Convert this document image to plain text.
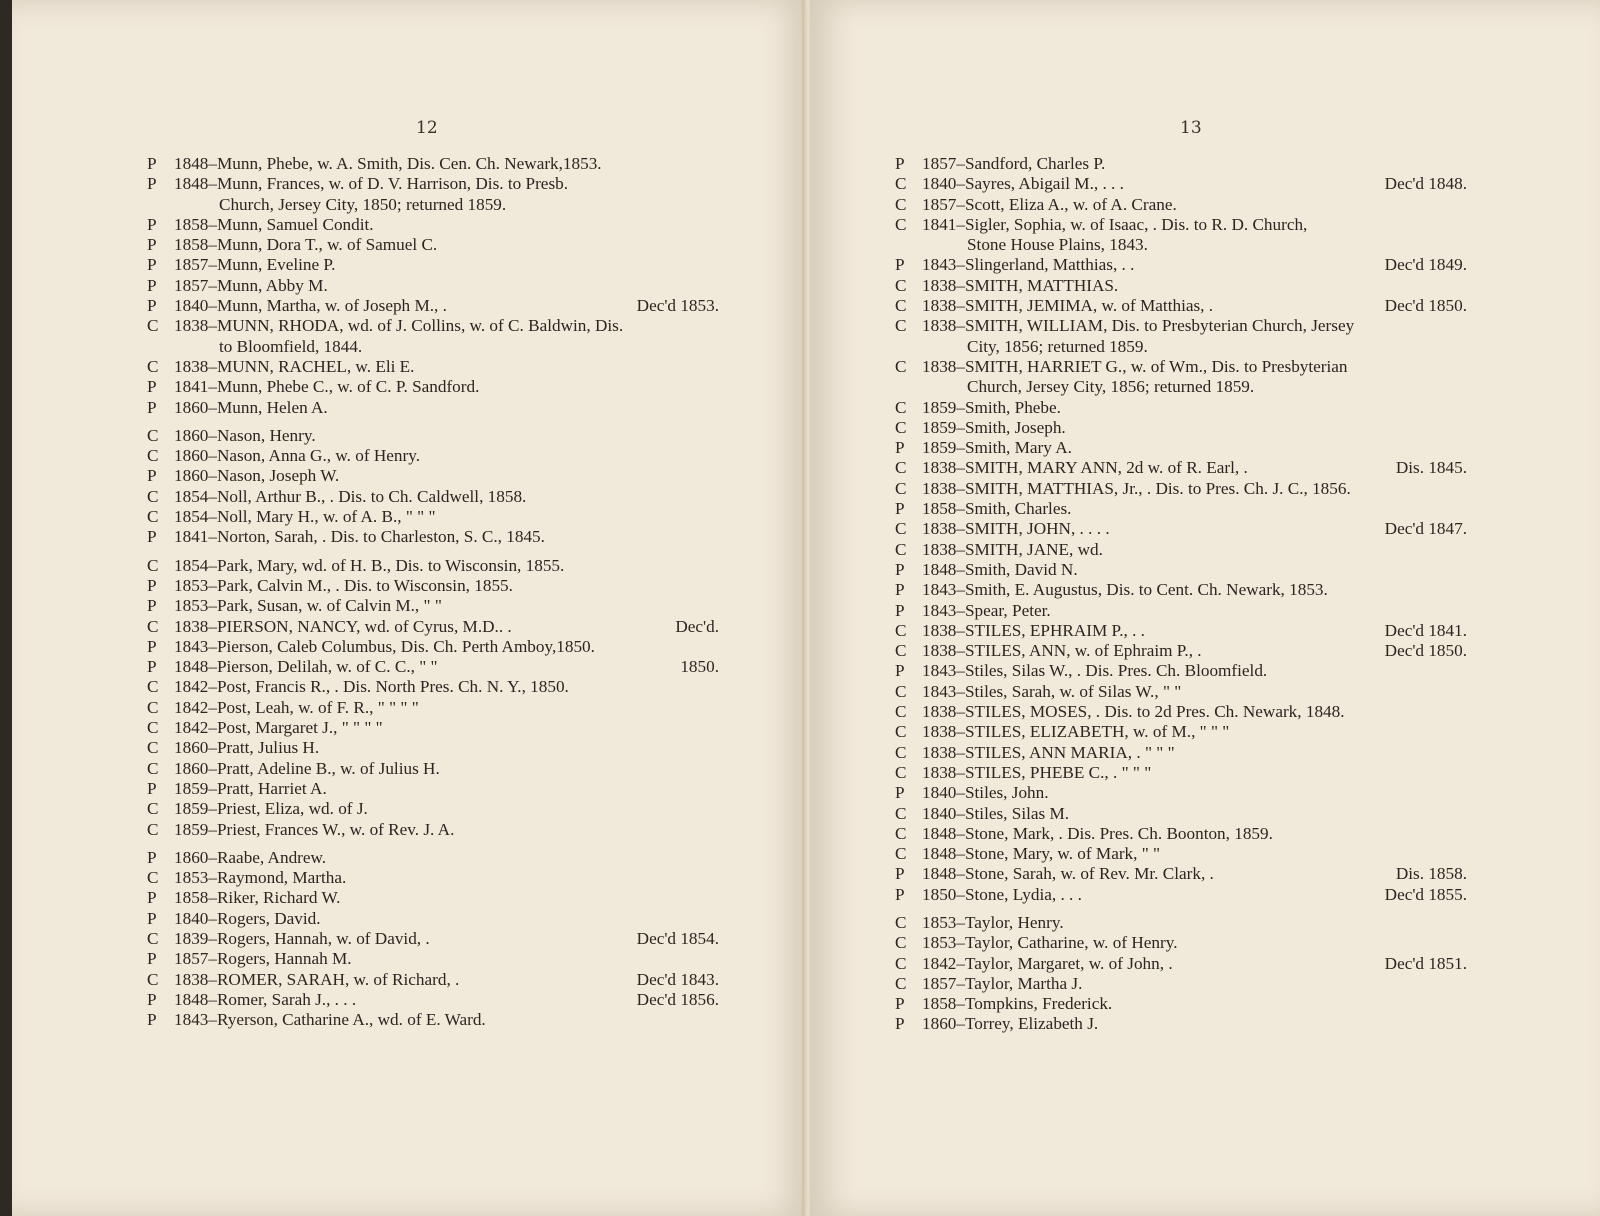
12
P	1848–Munn, Phebe, w. A. Smith, Dis. Cen. Ch. Newark,1853.
P	1848–Munn, Frances, w. of D. V. Harrison, Dis. to Presb.
Church, Jersey City, 1850; returned 1859.
P	1858–Munn, Samuel Condit.
P	1858–Munn, Dora T., w. of Samuel C.
P	1857–Munn, Eveline P.
P	1857–Munn, Abby M.
P	1840–Munn, Martha, w. of Joseph M., .	Dec'd 1853.
C 1838–MUNN, RHODA, wd. of J. Collins, w. of C. Baldwin, Dis.
to Bloomfield, 1844.
C 1838–MUNN, RACHEL, w. Eli E.
P	1841–Munn, Phebe C., w. of C. P. Sandford.
P	1860–Munn, Helen A.
C 1860–Nason, Henry.
C 1860–Nason, Anna G., w. of Henry.
P	1860–Nason, Joseph W.
C 1854–Noll, Arthur B., . Dis. to Ch. Caldwell, 1858.
C 1854–Noll, Mary H., w. of A. B., " " "
P	1841–Norton, Sarah, . Dis. to Charleston, S. C., 1845.
C 1854–Park, Mary, wd. of H. B., Dis. to Wisconsin, 1855.
P	1853–Park, Calvin M., . Dis. to Wisconsin, 1855.
P	1853–Park, Susan, w. of Calvin M., " "
C 1838–PIERSON, NANCY, wd. of Cyrus, M.D.. .	Dec'd.
P	1843–Pierson, Caleb Columbus, Dis. Ch. Perth Amboy,1850.
P	1848–Pierson, Delilah, w. of C. C., " "	1850.
C 1842–Post, Francis R., . Dis. North Pres. Ch. N. Y., 1850.
C 1842–Post, Leah, w. of F. R., " " " "
C 1842–Post, Margaret J., " " " "
C 1860–Pratt, Julius H.
C 1860–Pratt, Adeline B., w. of Julius H.
P	1859–Pratt, Harriet A.
C 1859–Priest, Eliza, wd. of J.
C 1859–Priest, Frances W., w. of Rev. J. A.
P	1860–Raabe, Andrew.
C 1853–Raymond, Martha.
P	1858–Riker, Richard W.
P	1840–Rogers, David.
C 1839–Rogers, Hannah, w. of David, .	Dec'd 1854.
P	1857–Rogers, Hannah M.
C 1838–ROMER, SARAH, w. of Richard, .	Dec'd 1843.
P	1848–Romer, Sarah J., . . .	Dec'd 1856.
P	1843–Ryerson, Catharine A., wd. of E. Ward.
13
P	1857–Sandford, Charles P.
C 1840–Sayres, Abigail M., . . .	Dec'd 1848.
C 1857–Scott, Eliza A., w. of A. Crane.
C 1841–Sigler, Sophia, w. of Isaac, . Dis. to R. D. Church,
Stone House Plains, 1843.
P	1843–Slingerland, Matthias, . .	Dec'd 1849.
C 1838–SMITH, MATTHIAS.
C 1838–SMITH, JEMIMA, w. of Matthias, .	Dec'd 1850.
C 1838–SMITH, WILLIAM, Dis. to Presbyterian Church, Jersey
City, 1856; returned 1859.
C 1838–SMITH, HARRIET G., w. of Wm., Dis. to Presbyterian
Church, Jersey City, 1856; returned 1859.
C 1859–Smith, Phebe.
C 1859–Smith, Joseph.
P	1859–Smith, Mary A.
C 1838–SMITH, MARY ANN, 2d w. of R. Earl, .	Dis. 1845.
C 1838–SMITH, MATTHIAS, Jr., . Dis. to Pres. Ch. J. C., 1856.
P	1858–Smith, Charles.
C 1838–SMITH, JOHN, . . . .	Dec'd 1847.
C 1838–SMITH, JANE, wd.
P	1848–Smith, David N.
P	1843–Smith, E. Augustus, Dis. to Cent. Ch. Newark, 1853.
P	1843–Spear, Peter.
C 1838–STILES, EPHRAIM P., . .	Dec'd 1841.
C 1838–STILES, ANN, w. of Ephraim P., .	Dec'd 1850.
P	1843–Stiles, Silas W., . Dis. Pres. Ch. Bloomfield.
C 1843–Stiles, Sarah, w. of Silas W., " "
C 1838–STILES, MOSES, . Dis. to 2d Pres. Ch. Newark, 1848.
C 1838–STILES, ELIZABETH, w. of M., " " "
C 1838–STILES, ANN MARIA, . " " "
C 1838–STILES, PHEBE C., . " " "
P	1840–Stiles, John.
C 1840–Stiles, Silas M.
C 1848–Stone, Mark, . Dis. Pres. Ch. Boonton, 1859.
C 1848–Stone, Mary, w. of Mark, " "
P	1848–Stone, Sarah, w. of Rev. Mr. Clark, .	Dis. 1858.
P	1850–Stone, Lydia, . . .	Dec'd 1855.
C 1853–Taylor, Henry.
C 1853–Taylor, Catharine, w. of Henry.
C 1842–Taylor, Margaret, w. of John, .	Dec'd 1851.
C 1857–Taylor, Martha J.
P	1858–Tompkins, Frederick.
P	1860–Torrey, Elizabeth J.
